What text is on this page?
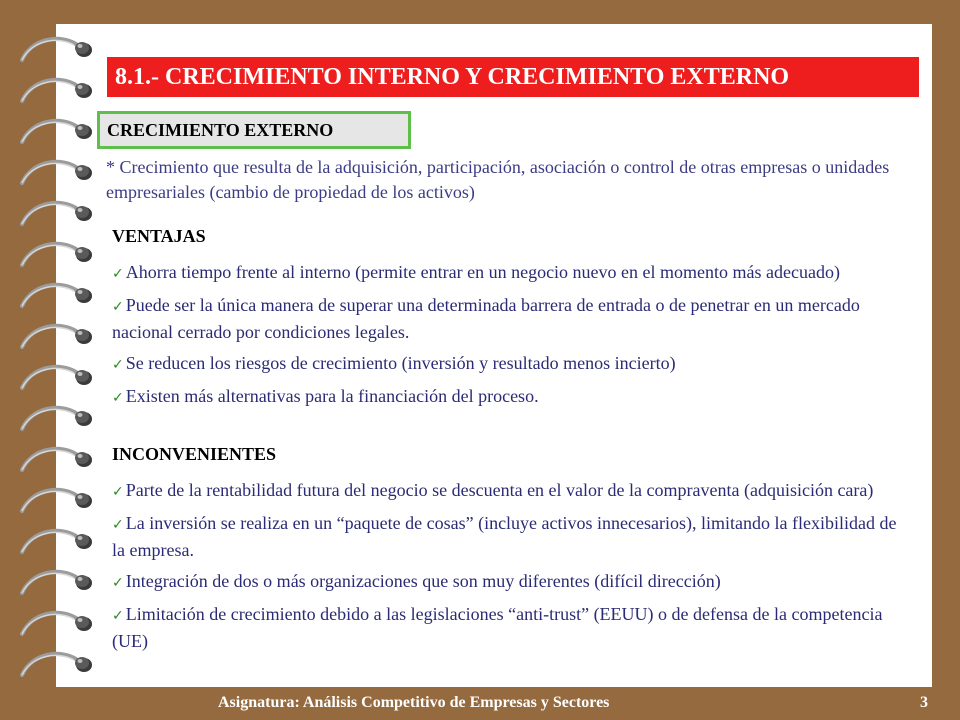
8.1.- CRECIMIENTO INTERNO Y CRECIMIENTO EXTERNO
CRECIMIENTO EXTERNO
* Crecimiento que resulta de la adquisición, participación, asociación o control de otras empresas o unidades empresariales (cambio de propiedad de los activos)
VENTAJAS
✓ Ahorra tiempo frente al interno (permite entrar en un negocio nuevo en el momento más adecuado)
✓ Puede ser la única manera de superar una determinada barrera de entrada o de penetrar en un mercado nacional cerrado por condiciones legales.
✓ Se reducen los riesgos de crecimiento (inversión y resultado menos incierto)
✓ Existen más alternativas para la financiación del proceso.
INCONVENIENTES
✓ Parte de la rentabilidad futura del negocio se descuenta en el valor de la compraventa (adquisición cara)
✓ La inversión se realiza en un “paquete de cosas” (incluye activos innecesarios), limitando la flexibilidad de la empresa.
✓ Integración de dos o más organizaciones que son muy diferentes (difícil dirección)
✓ Limitación de crecimiento debido a las legislaciones “anti-trust” (EEUU) o de defensa de la competencia (UE)
Asignatura: Análisis Competitivo de Empresas y Sectores	3
